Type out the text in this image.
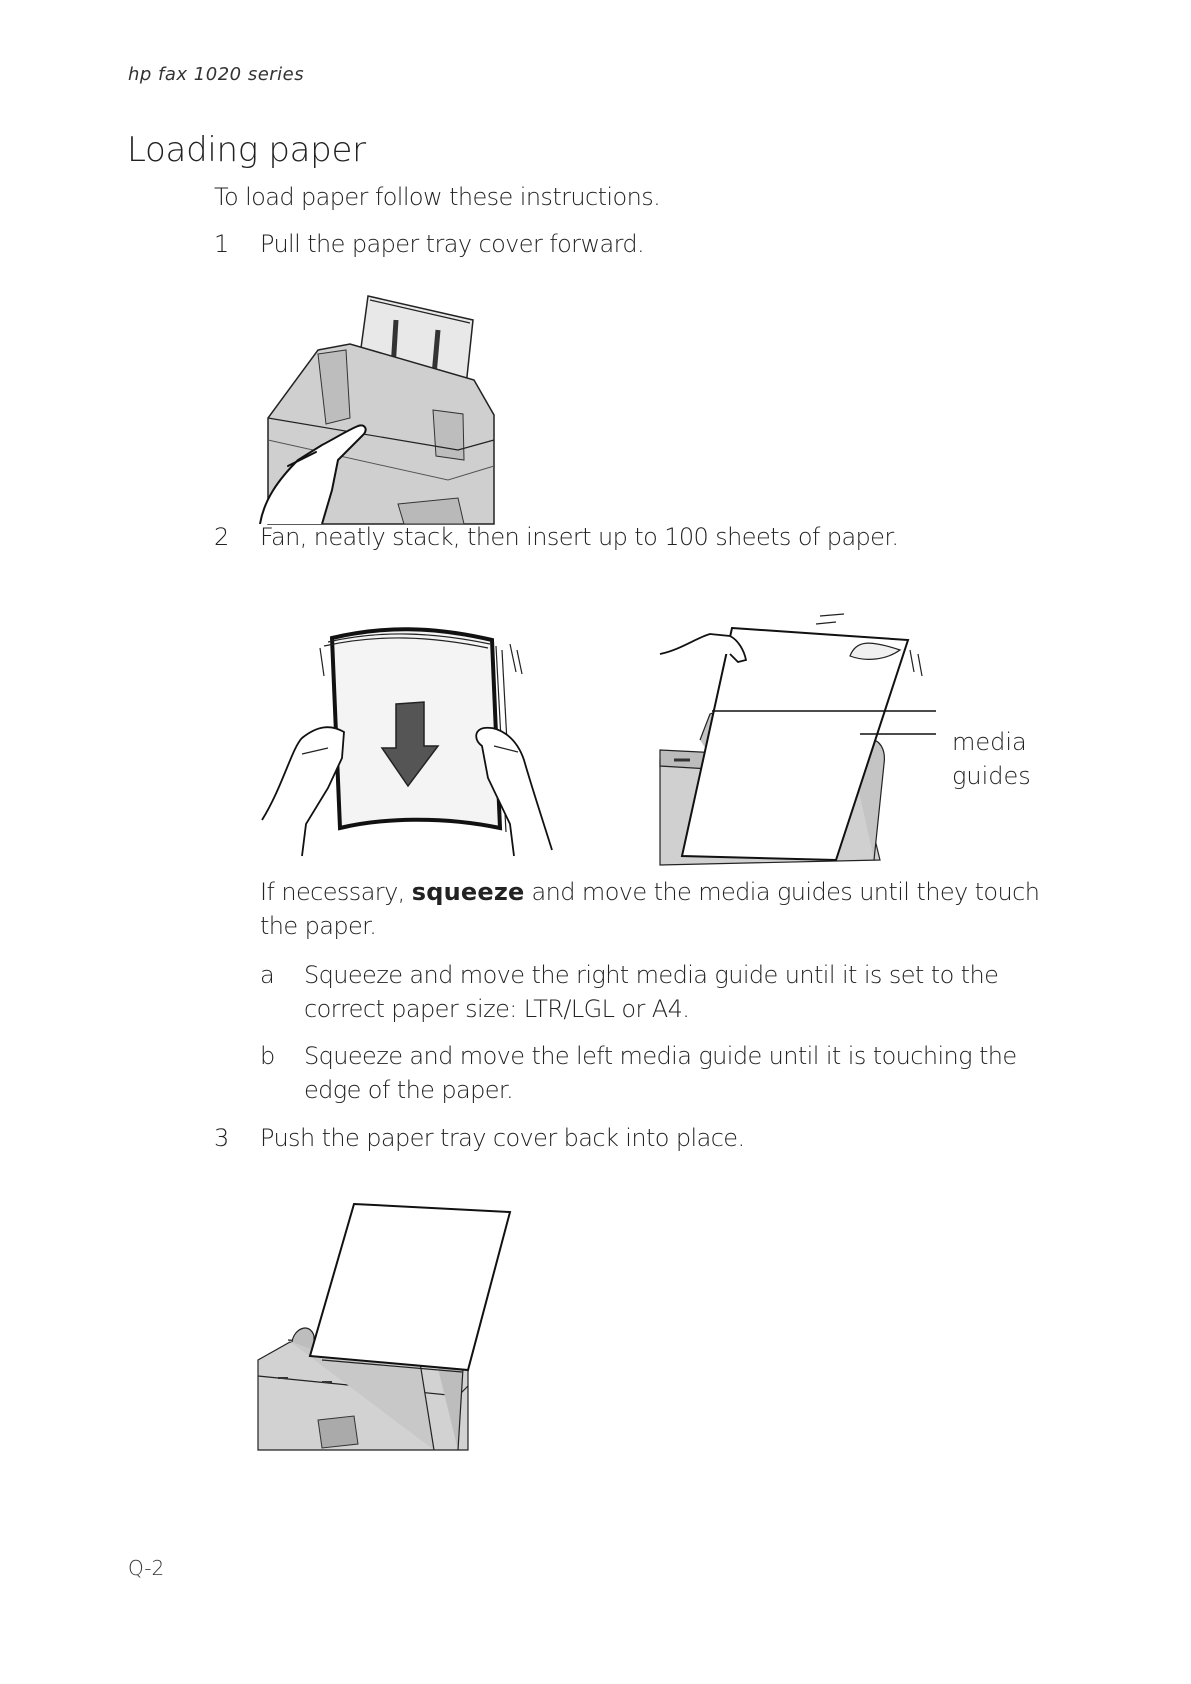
hp fax 1020 series
Loading paper
To load paper follow these instructions.
1	Pull the paper tray cover forward.
2	Fan, neatly stack, then insert up to 100 sheets of paper.
media
guides
If necessary, squeeze and move the media guides until they touch the paper.
a Squeeze and move the right media guide until it is set to the correct paper size: LTR/LGL or A4.
b Squeeze and move the left media guide until it is touching the edge of the paper.
3	Push the paper tray cover back into place.
Q-2
